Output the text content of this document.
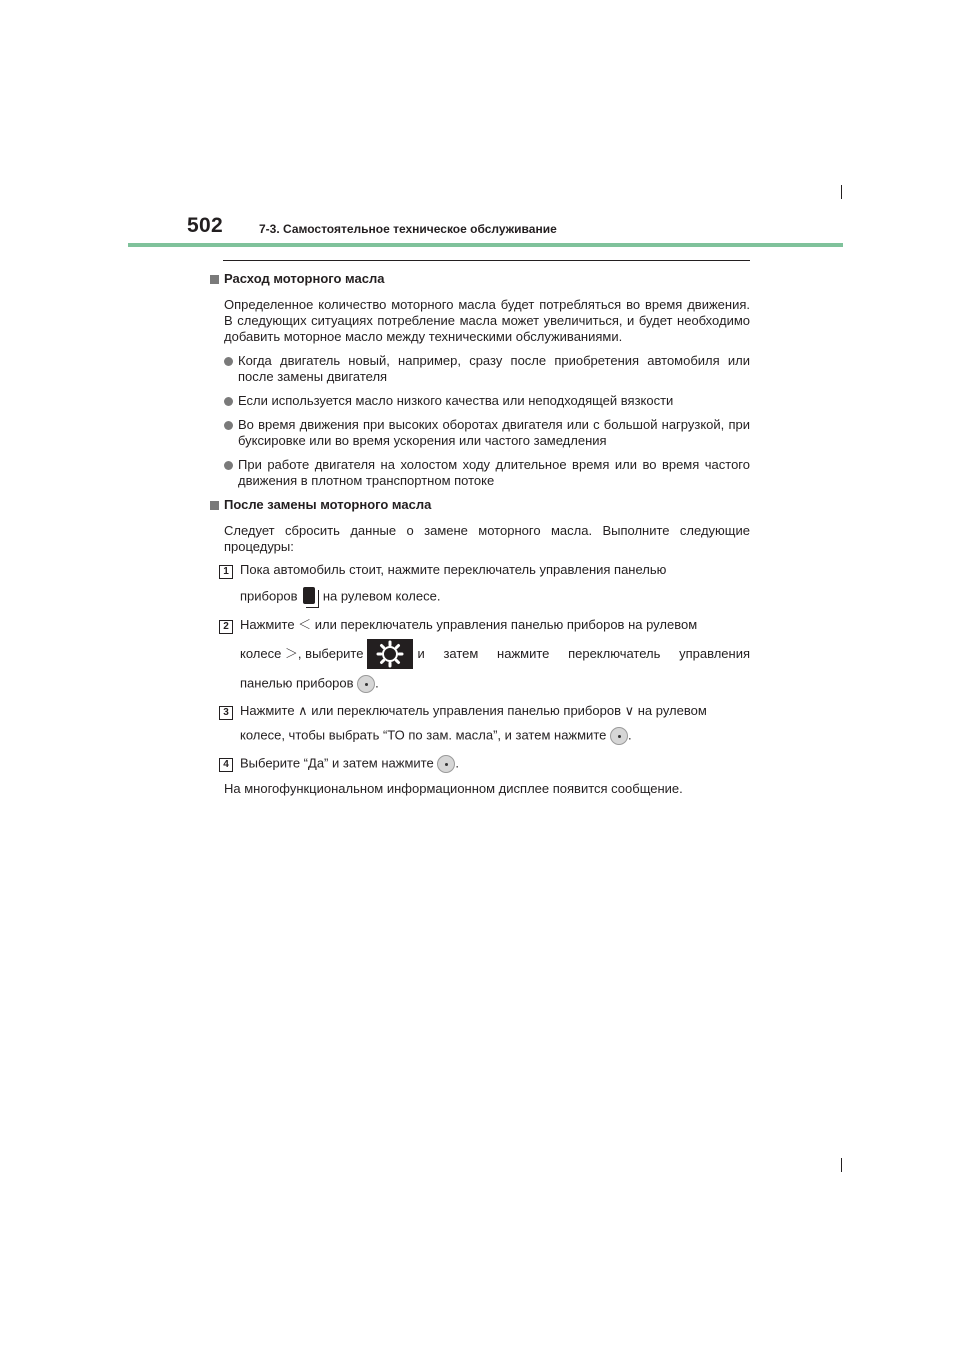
502	7-3. Самостоятельное техническое обслуживание
Расход моторного масла
Определенное количество моторного масла будет потребляться во время движения. В следующих ситуациях потребление масла может увеличиться, и будет необходимо добавить моторное масло между техническими обслуживаниями.
Когда двигатель новый, например, сразу после приобретения автомобиля или после замены двигателя
Если используется масло низкого качества или неподходящей вязкости
Во время движения при высоких оборотах двигателя или с большой нагрузкой, при буксировке или во время ускорения или частого замедления
При работе двигателя на холостом ходу длительное время или во время частого движения в плотном транспортном потоке
После замены моторного масла
Следует сбросить данные о замене моторного масла. Выполните следующие процедуры:
1 Пока автомобиль стоит, нажмите переключатель управления панелью
приборов на рулевом колесе.
2 Нажмите ＜ или переключатель управления панелью приборов на рулевом
колесе ＞, выберите	и затем нажмите переключатель управления
панелью приборов .
3 Нажмите ∧ или переключатель управления панелью приборов ∨ на рулевом
колесе, чтобы выбрать “ТО по зам. масла”, и затем нажмите .
4 Выберите “Да” и затем нажмите .
На многофункциональном информационном дисплее появится сообщение.
